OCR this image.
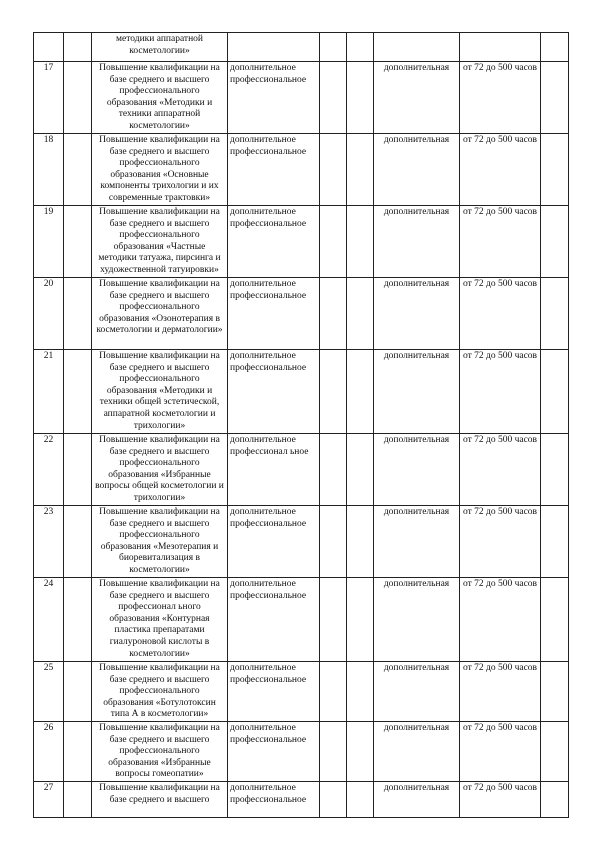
		методики аппаратной косметологии»						
17		Повышение квалификации на базе среднего и высшего профессионального образования «Методики и техники аппаратной косметологии»	дополнительное профессиональное			дополнительная	от 72 до 500 часов	
18		Повышение квалификации на базе среднего и высшего профессионального образования «Основные компоненты трихологии и их современные трактовки»	дополнительное профессиональное			дополнительная	от 72 до 500 часов	
19		Повышение квалификации на базе среднего и высшего профессионального образования «Частные методики татуажа, пирсинга и художественной татуировки»	дополнительное профессиональное			дополнительная	от 72 до 500 часов	
20		Повышение квалификации на базе среднего и высшего профессионального образования «Озонотерапия в косметологии и дерматологии»	дополнительное профессиональное			дополнительная	от 72 до 500 часов	
21		Повышение квалификации на базе среднего и высшего профессионального образования «Методики и техники общей эстетической, аппаратной косметологии и трихологии»	дополнительное профессиональное			дополнительная	от 72 до 500 часов	
22		Повышение квалификации на базе среднего и высшего профессионального образования «Избранные вопросы общей косметологии и трихологии»	дополнительное профессионал ьное			дополнительная	от 72 до 500 часов	
23		Повышение квалификации на базе среднего и высшего профессионального образования «Мезотерапия и биоревитализация в косметологии»	дополнительное профессиональное			дополнительная	от 72 до 500 часов	
24		Повышение квалификации на базе среднего и высшего профессионал ьного образования «Контурная пластика препаратами гиалуроновой кислоты в косметологии»	дополнительное профессиональное			дополнительная	от 72 до 500 часов	
25		Повышение квалификации на базе среднего и высшего профессионального образования «Ботулотоксин типа А в косметологии»	дополнительное профессиональное			дополнительная	от 72 до 500 часов	
26		Повышение квалификации на базе среднего и высшего профессионального образования «Избранные вопросы гомеопатии»	дополнительное профессиональное			дополнительная	от 72 до 500 часов	
27		Повышение квалификации на базе среднего и высшего	дополнительное профессиональное			дополнительная	от 72 до 500 часов	
